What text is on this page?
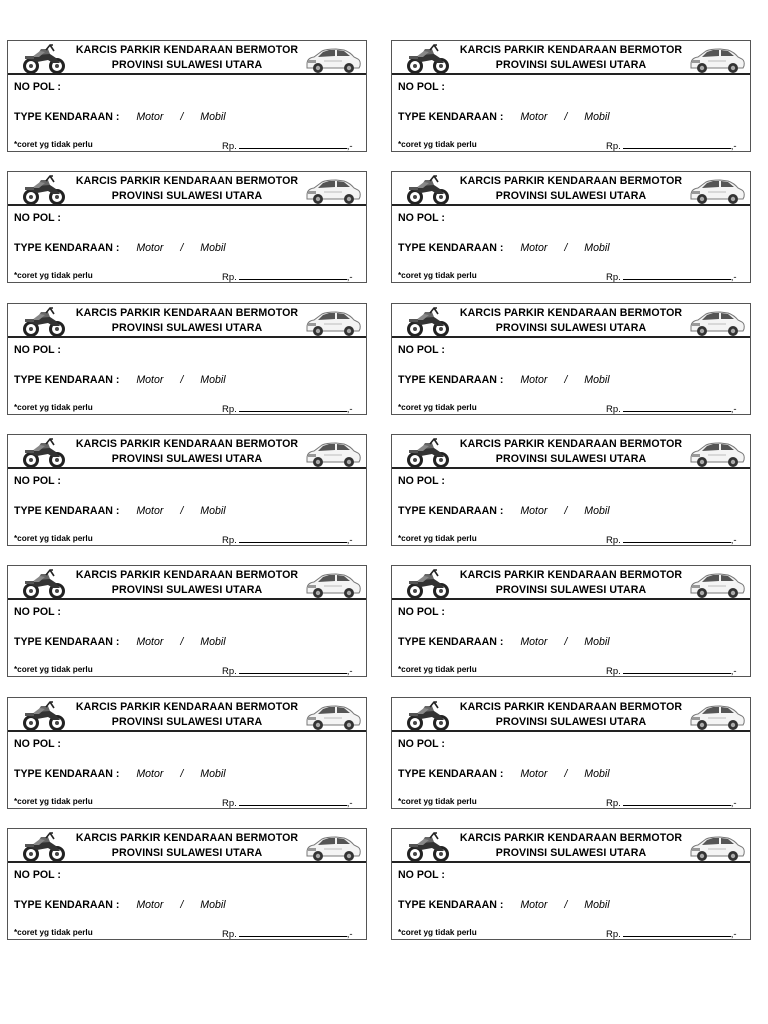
KARCIS PARKIR KENDARAAN BERMOTOR
PROVINSI SULAWESI UTARA
NO POL :
TYPE KENDARAAN : Motor / Mobil
*coret yg tidak perlu	Rp.	,-
KARCIS PARKIR KENDARAAN BERMOTOR
PROVINSI SULAWESI UTARA
NO POL :
TYPE KENDARAAN : Motor / Mobil
*coret yg tidak perlu	Rp.	,-
KARCIS PARKIR KENDARAAN BERMOTOR
PROVINSI SULAWESI UTARA
NO POL :
TYPE KENDARAAN : Motor / Mobil
*coret yg tidak perlu	Rp.	,-
KARCIS PARKIR KENDARAAN BERMOTOR
PROVINSI SULAWESI UTARA
NO POL :
TYPE KENDARAAN : Motor / Mobil
*coret yg tidak perlu	Rp.	,-
KARCIS PARKIR KENDARAAN BERMOTOR
PROVINSI SULAWESI UTARA
NO POL :
TYPE KENDARAAN : Motor / Mobil
*coret yg tidak perlu	Rp.	,-
KARCIS PARKIR KENDARAAN BERMOTOR
PROVINSI SULAWESI UTARA
NO POL :
TYPE KENDARAAN : Motor / Mobil
*coret yg tidak perlu	Rp.	,-
KARCIS PARKIR KENDARAAN BERMOTOR
PROVINSI SULAWESI UTARA
NO POL :
TYPE KENDARAAN : Motor / Mobil
*coret yg tidak perlu	Rp.	,-
KARCIS PARKIR KENDARAAN BERMOTOR
PROVINSI SULAWESI UTARA
NO POL :
TYPE KENDARAAN : Motor / Mobil
*coret yg tidak perlu	Rp.	,-
KARCIS PARKIR KENDARAAN BERMOTOR
PROVINSI SULAWESI UTARA
NO POL :
TYPE KENDARAAN : Motor / Mobil
*coret yg tidak perlu	Rp.	,-
KARCIS PARKIR KENDARAAN BERMOTOR
PROVINSI SULAWESI UTARA
NO POL :
TYPE KENDARAAN : Motor / Mobil
*coret yg tidak perlu	Rp.	,-
KARCIS PARKIR KENDARAAN BERMOTOR
PROVINSI SULAWESI UTARA
NO POL :
TYPE KENDARAAN : Motor / Mobil
*coret yg tidak perlu	Rp.	,-
KARCIS PARKIR KENDARAAN BERMOTOR
PROVINSI SULAWESI UTARA
NO POL :
TYPE KENDARAAN : Motor / Mobil
*coret yg tidak perlu	Rp.	,-
KARCIS PARKIR KENDARAAN BERMOTOR
PROVINSI SULAWESI UTARA
NO POL :
TYPE KENDARAAN : Motor / Mobil
*coret yg tidak perlu	Rp.	,-
KARCIS PARKIR KENDARAAN BERMOTOR
PROVINSI SULAWESI UTARA
NO POL :
TYPE KENDARAAN : Motor / Mobil
*coret yg tidak perlu	Rp.	,-
